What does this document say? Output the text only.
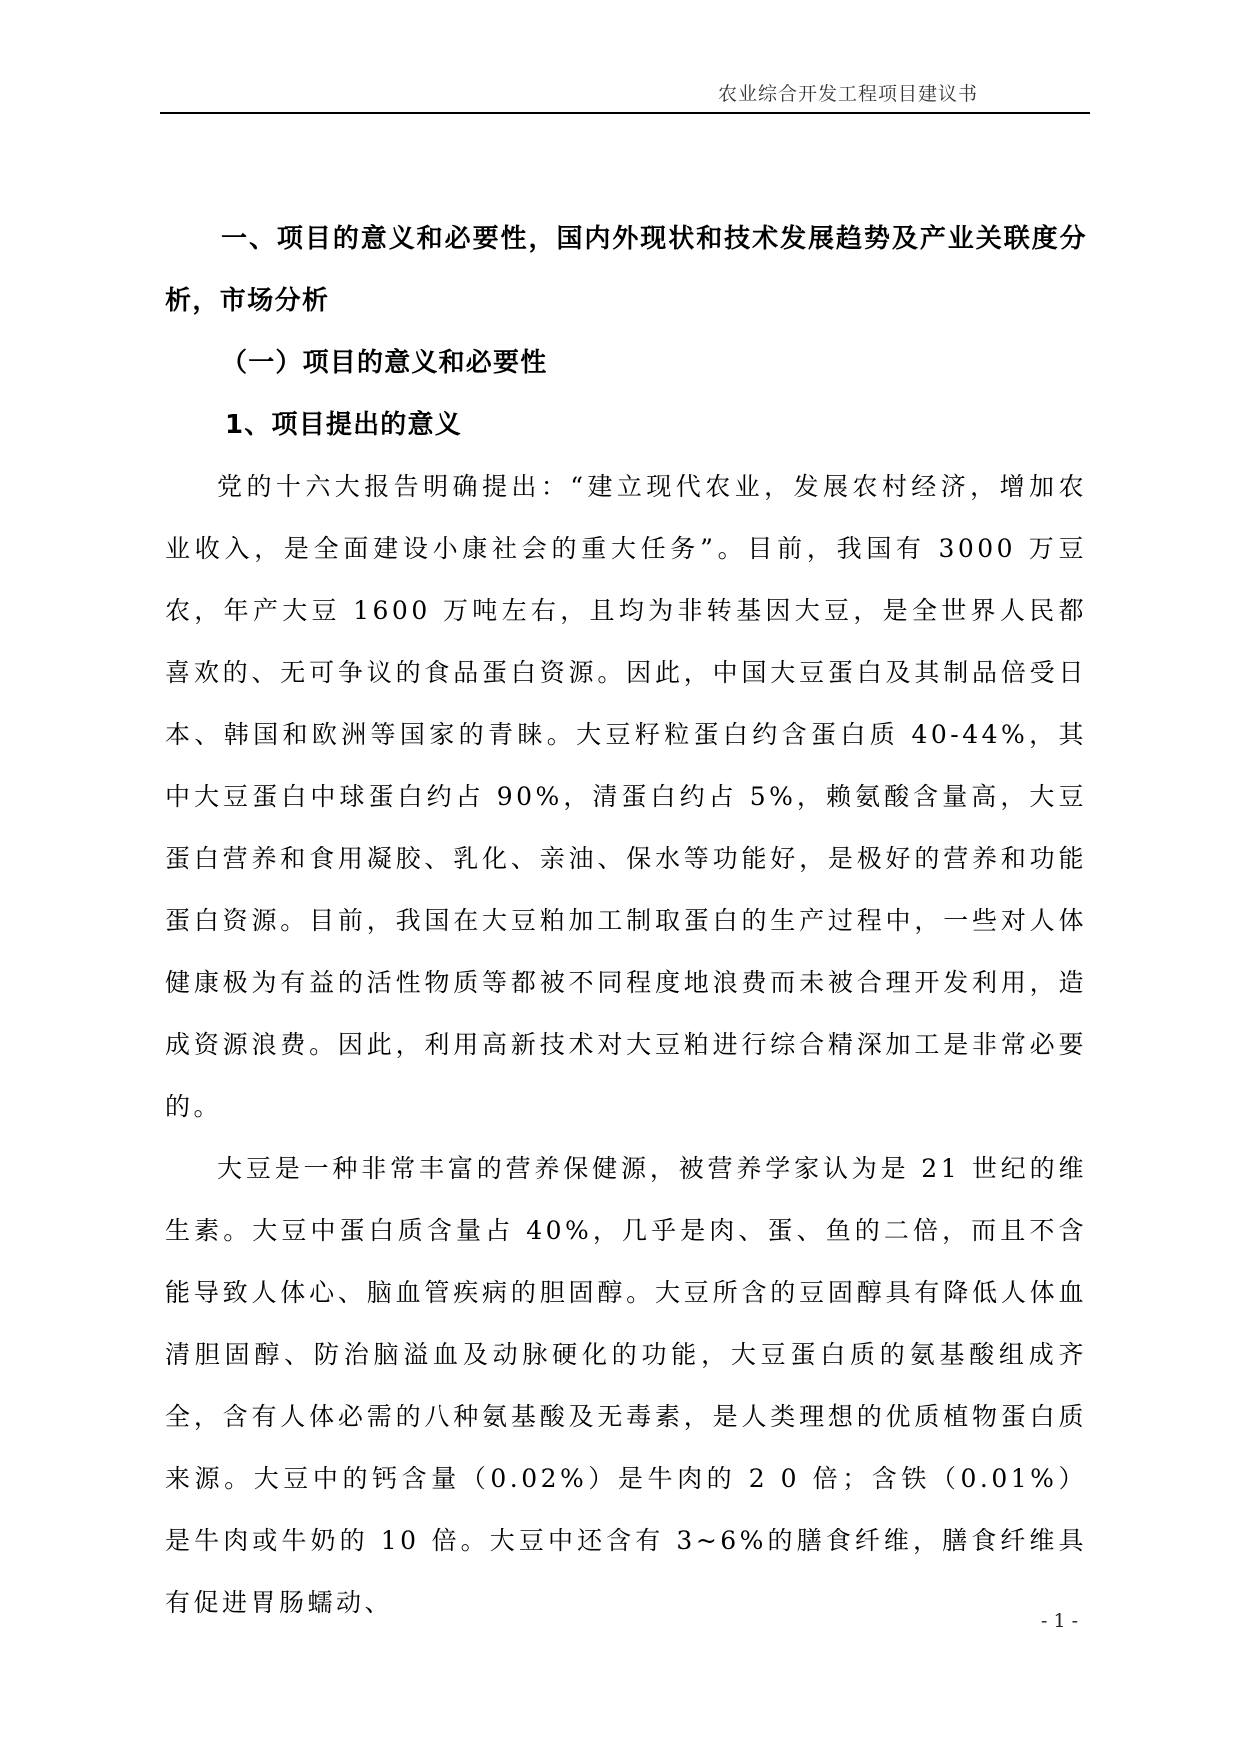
农业综合开发工程项目建议书

一、项目的意义和必要性，国内外现状和技术发展趋势及产业关联度分析，市场分析

（一）项目的意义和必要性

1、项目提出的意义

党的十六大报告明确提出：“建立现代农业，发展农村经济，增加农业收入，是全面建设小康社会的重大任务”。目前，我国有 3000 万豆农，年产大豆 1600 万吨左右，且均为非转基因大豆，是全世界人民都喜欢的、无可争议的食品蛋白资源。因此，中国大豆蛋白及其制品倍受日本、韩国和欧洲等国家的青睐。大豆籽粒蛋白约含蛋白质 40-44%，其中大豆蛋白中球蛋白约占 90%，清蛋白约占 5%，赖氨酸含量高，大豆蛋白营养和食用凝胶、乳化、亲油、保水等功能好，是极好的营养和功能蛋白资源。目前，我国在大豆粕加工制取蛋白的生产过程中，一些对人体健康极为有益的活性物质等都被不同程度地浪费而未被合理开发利用，造成资源浪费。因此，利用高新技术对大豆粕进行综合精深加工是非常必要的。

大豆是一种非常丰富的营养保健源，被营养学家认为是 21 世纪的维生素。大豆中蛋白质含量占 40%，几乎是肉、蛋、鱼的二倍，而且不含能导致人体心、脑血管疾病的胆固醇。大豆所含的豆固醇具有降低人体血清胆固醇、防治脑溢血及动脉硬化的功能，大豆蛋白质的氨基酸组成齐全，含有人体必需的八种氨基酸及无毒素，是人类理想的优质植物蛋白质来源。大豆中的钙含量（0.02%）是牛肉的 2 0 倍；含铁（0.01%）是牛肉或牛奶的 10 倍。大豆中还含有 3~6%的膳食纤维，膳食纤维具有促进胃肠蠕动、

- 1 -
